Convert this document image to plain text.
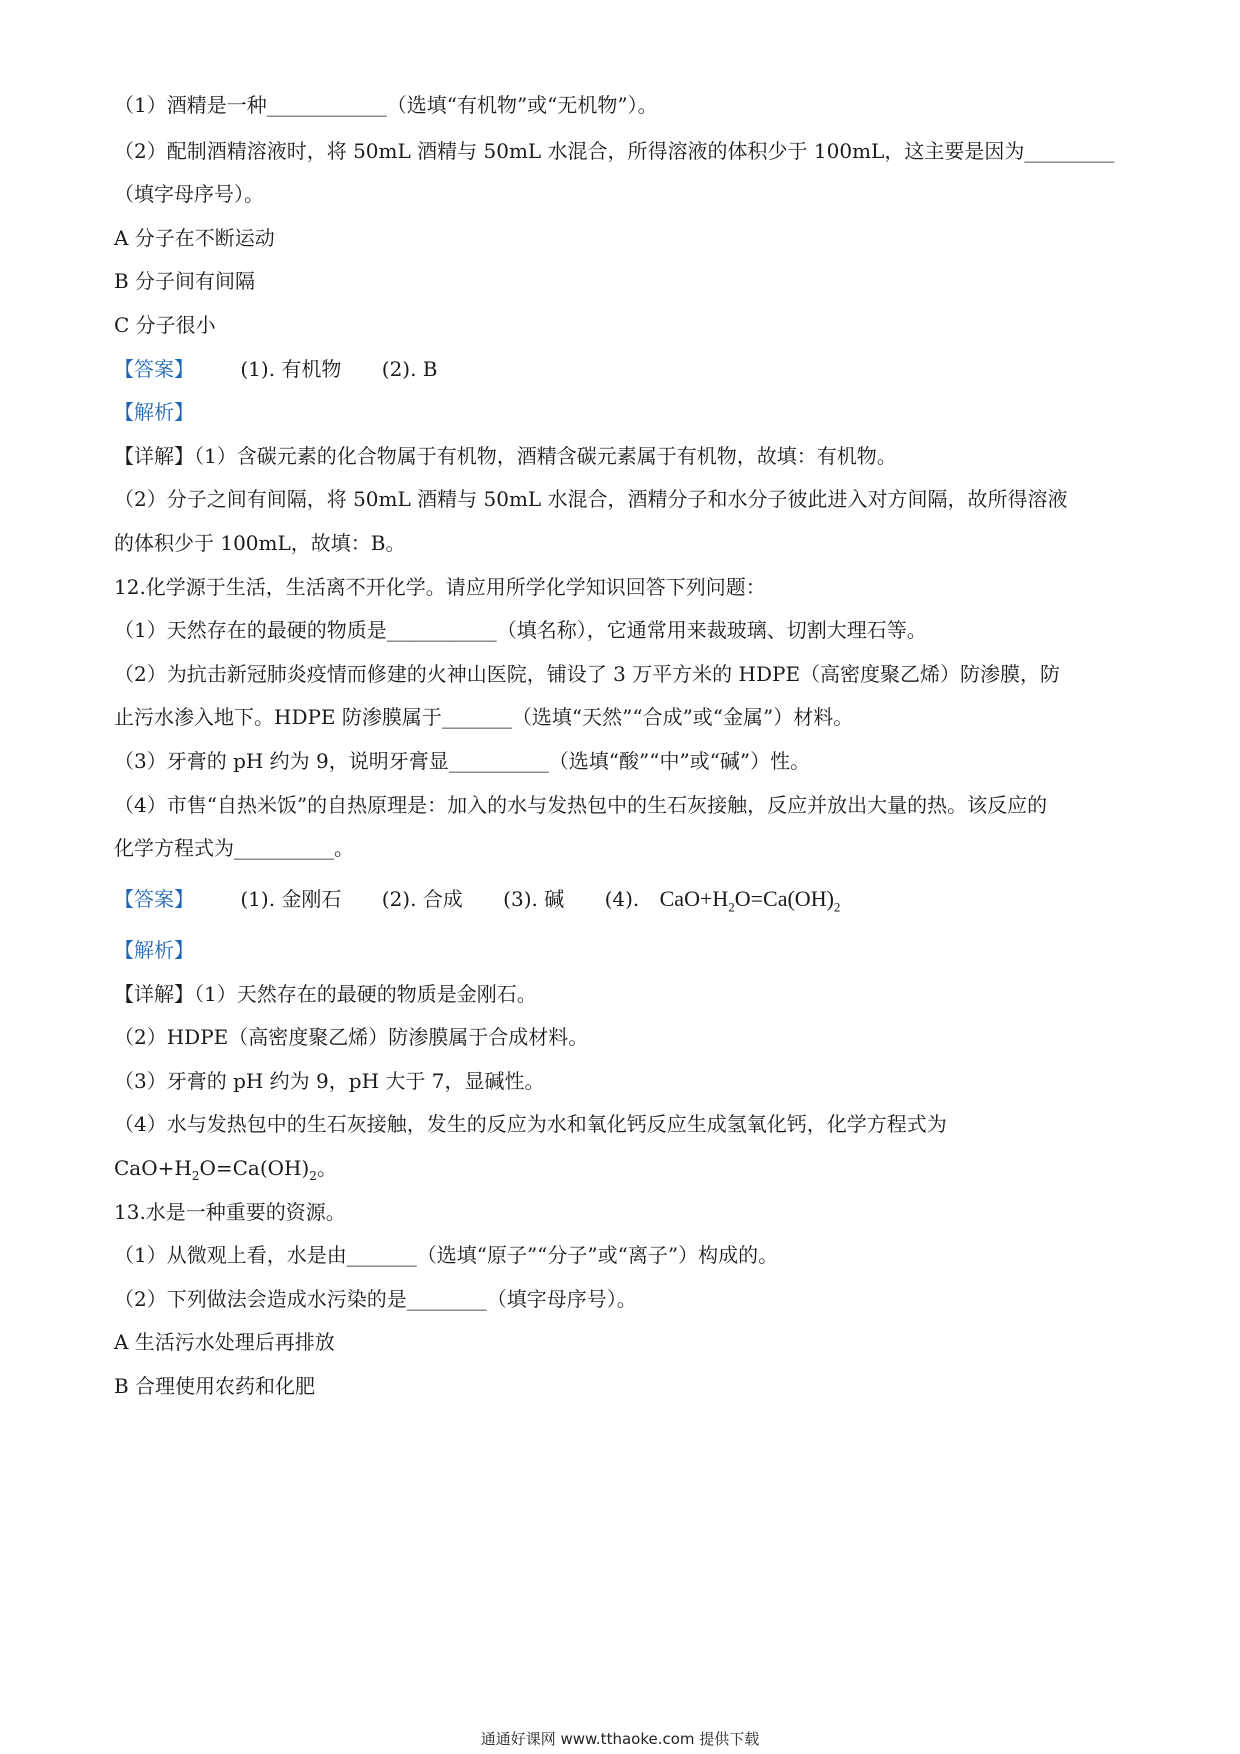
（1）酒精是一种____________（选填“有机物”或“无机物”）。
（2）配制酒精溶液时，将 50mL 酒精与 50mL 水混合，所得溶液的体积少于 100mL，这主要是因为_________
（填字母序号）。
A 分子在不断运动
B 分子间有间隔
C 分子很小
【答案】 (1). 有机物 (2). B
【解析】
【详解】（1）含碳元素的化合物属于有机物，酒精含碳元素属于有机物，故填：有机物。
（2）分子之间有间隔，将 50mL 酒精与 50mL 水混合，酒精分子和水分子彼此进入对方间隔，故所得溶液
的体积少于 100mL，故填：B。
12.化学源于生活，生活离不开化学。请应用所学化学知识回答下列问题：
（1）天然存在的最硬的物质是___________（填名称），它通常用来裁玻璃、切割大理石等。
（2）为抗击新冠肺炎疫情而修建的火神山医院，铺设了 3 万平方米的 HDPE（高密度聚乙烯）防渗膜，防
止污水渗入地下。HDPE 防渗膜属于_______（选填“天然”“合成”或“金属”）材料。
（3）牙膏的 pH 约为 9，说明牙膏显__________（选填“酸”“中”或“碱”）性。
（4）市售“自热米饭”的自热原理是：加入的水与发热包中的生石灰接触，反应并放出大量的热。该反应的
化学方程式为__________。
【答案】 (1). 金刚石 (2). 合成 (3). 碱 (4). $CaO+H_2O=Ca(OH)_2$
【解析】
【详解】（1）天然存在的最硬的物质是金刚石。
（2）HDPE（高密度聚乙烯）防渗膜属于合成材料。
（3）牙膏的 pH 约为 9，pH 大于 7，显碱性。
（4）水与发热包中的生石灰接触，发生的反应为水和氧化钙反应生成氢氧化钙，化学方程式为
$CaO+H_2O=Ca(OH)_2$。
13.水是一种重要的资源。
（1）从微观上看，水是由_______（选填“原子”“分子”或“离子”）构成的。
（2）下列做法会造成水污染的是________（填字母序号）。
A 生活污水处理后再排放
B 合理使用农药和化肥
通通好课网 www.tthaoke.com 提供下载
